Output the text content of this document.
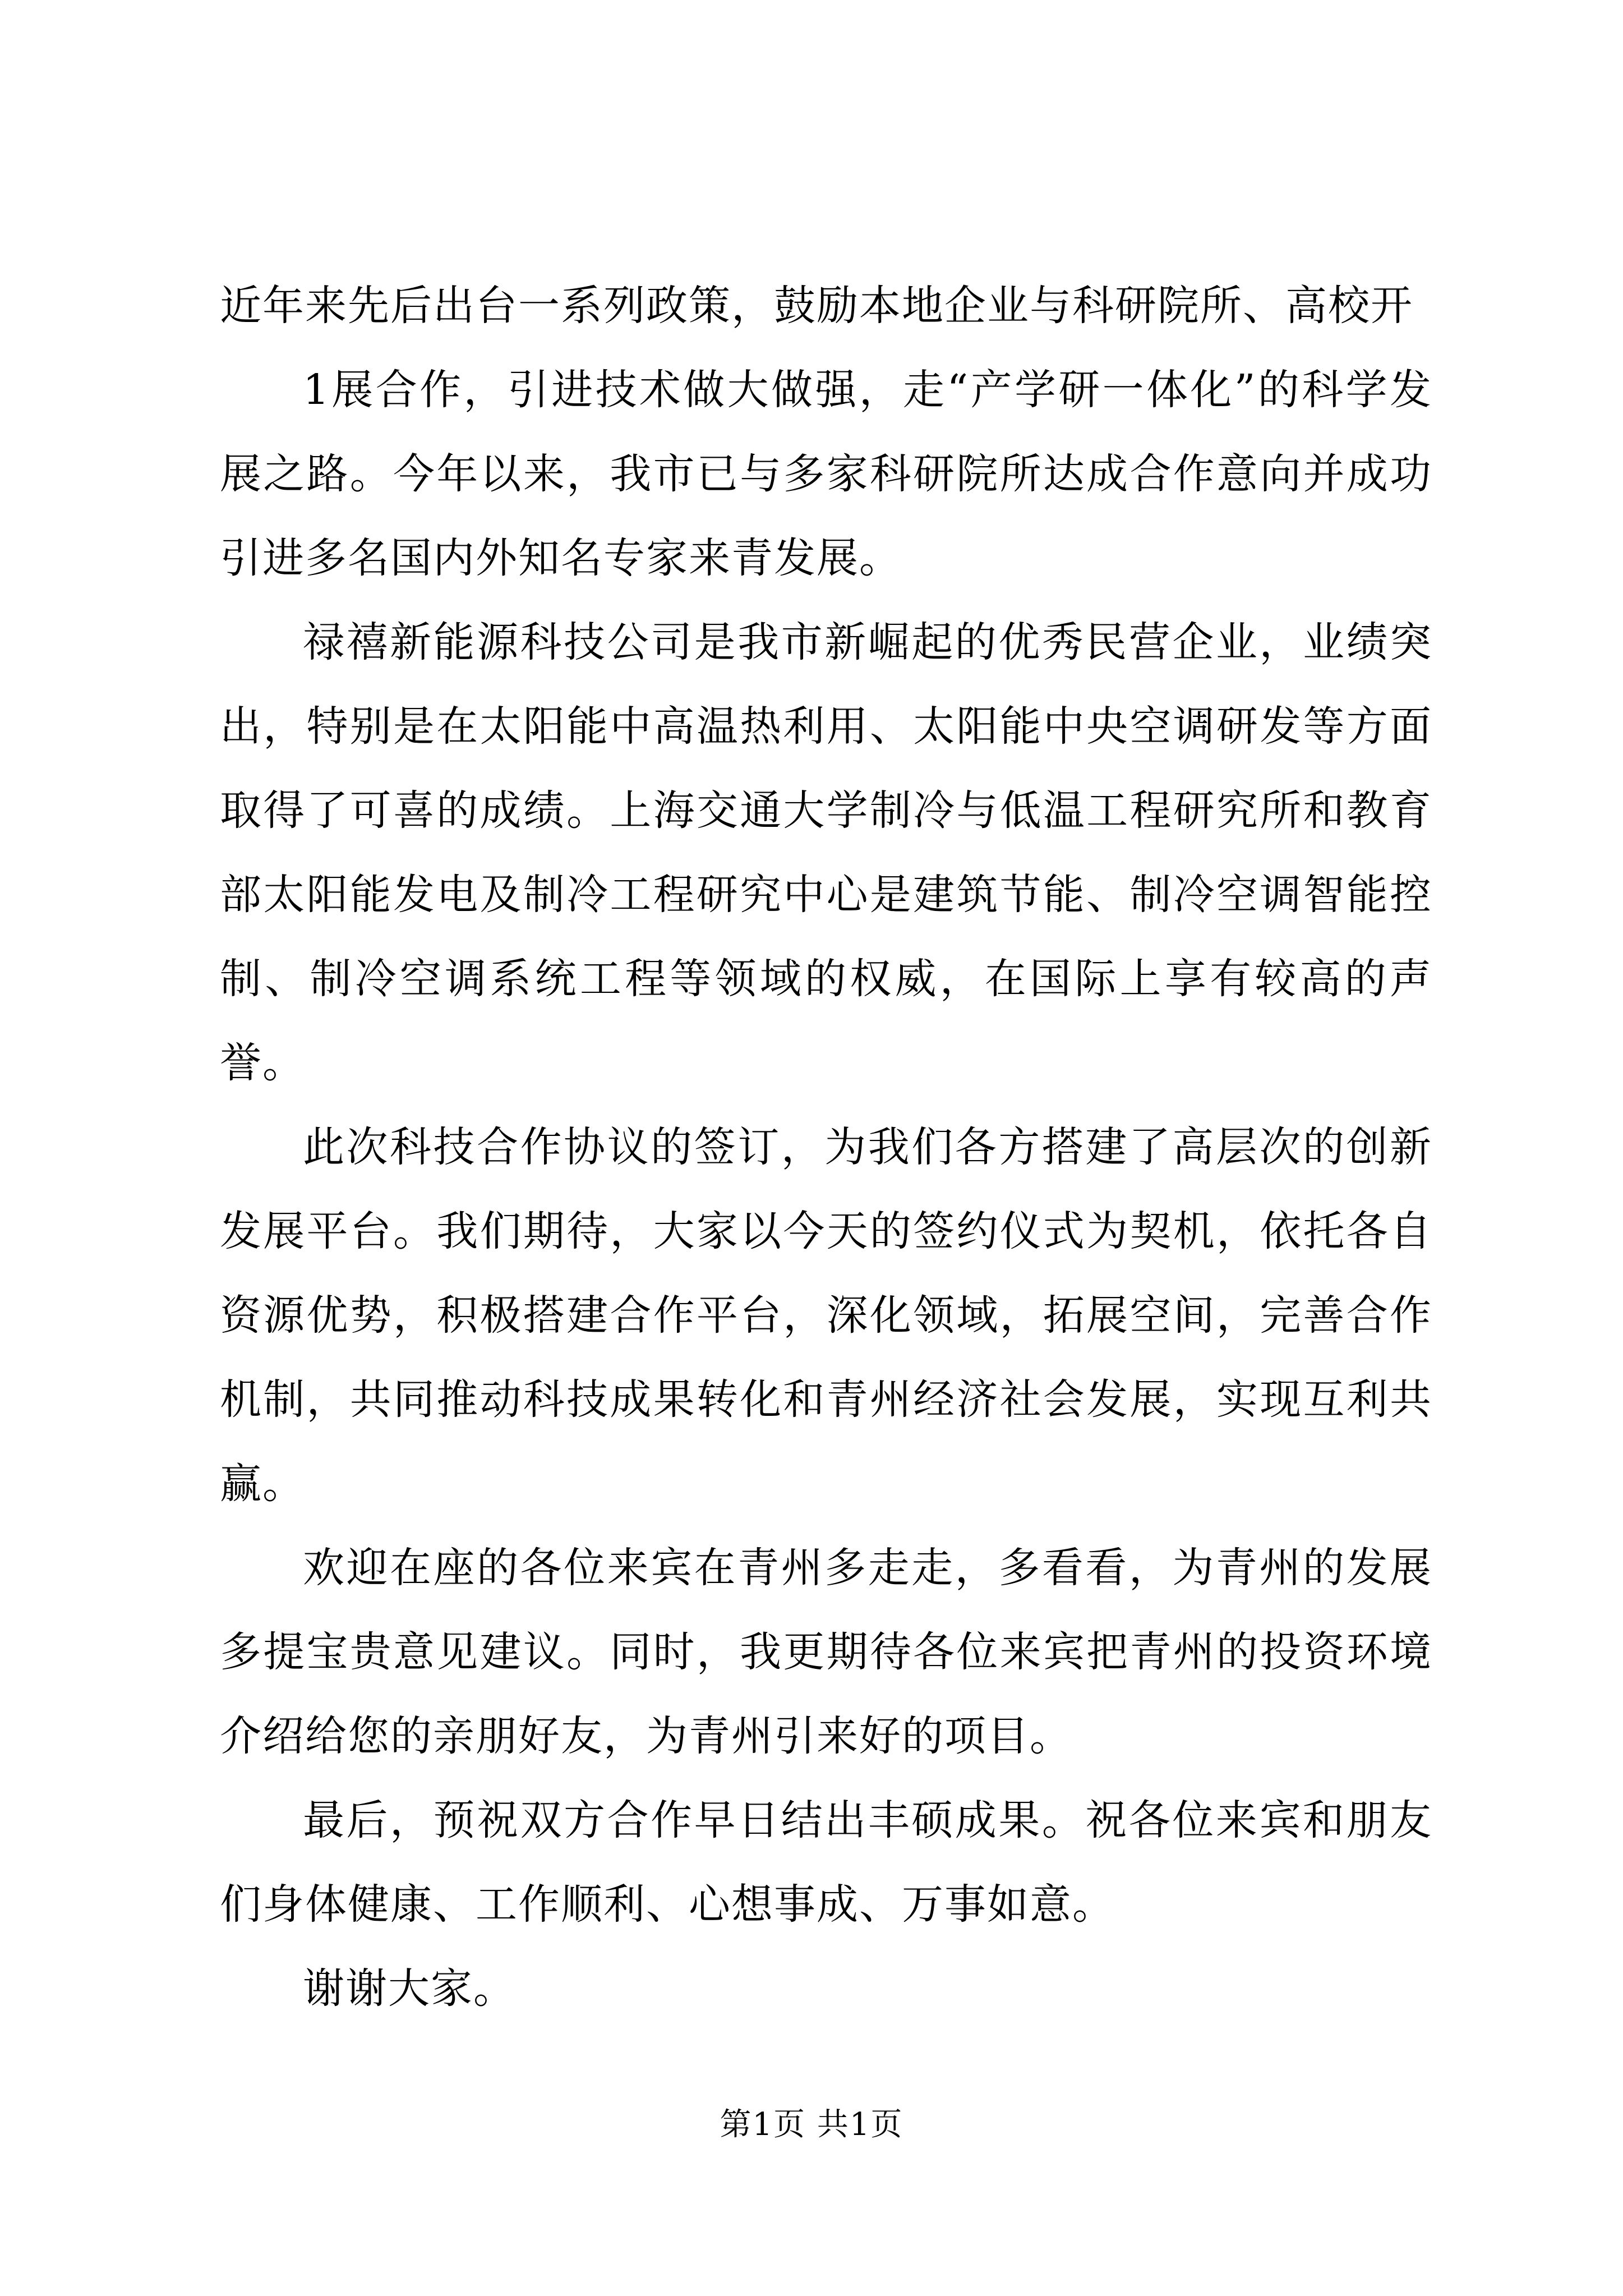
近年来先后出台一系列政策，鼓励本地企业与科研院所、高校开

1展合作，引进技术做大做强，走“产学研一体化”的科学发展之路。今年以来，我市已与多家科研院所达成合作意向并成功引进多名国内外知名专家来青发展。

禄禧新能源科技公司是我市新崛起的优秀民营企业，业绩突出，特别是在太阳能中高温热利用、太阳能中央空调研发等方面取得了可喜的成绩。上海交通大学制冷与低温工程研究所和教育部太阳能发电及制冷工程研究中心是建筑节能、制冷空调智能控制、制冷空调系统工程等领域的权威，在国际上享有较高的声誉。

此次科技合作协议的签订，为我们各方搭建了高层次的创新发展平台。我们期待，大家以今天的签约仪式为契机，依托各自资源优势，积极搭建合作平台，深化领域，拓展空间，完善合作机制，共同推动科技成果转化和青州经济社会发展，实现互利共赢。

欢迎在座的各位来宾在青州多走走，多看看，为青州的发展多提宝贵意见建议。同时，我更期待各位来宾把青州的投资环境介绍给您的亲朋好友，为青州引来好的项目。

最后，预祝双方合作早日结出丰硕成果。祝各位来宾和朋友们身体健康、工作顺利、心想事成、万事如意。

谢谢大家。

第1页 共1页
